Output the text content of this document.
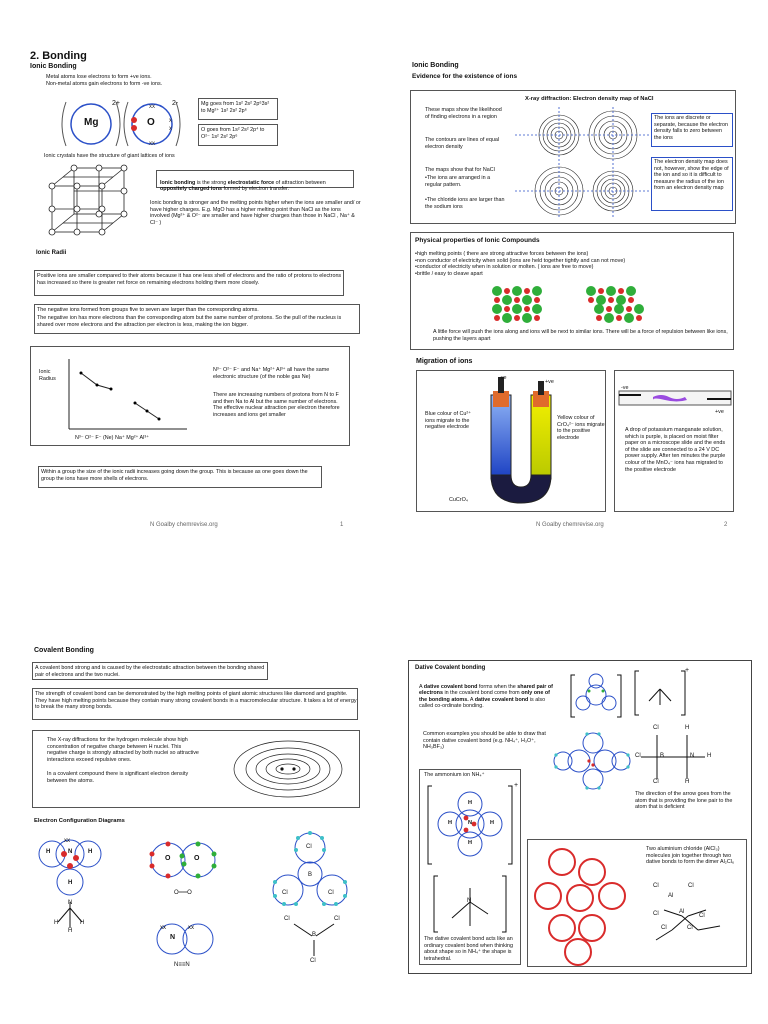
2. Bonding
Ionic Bonding
Metal atoms lose electrons to form +ve ions.
Non-metal atoms gain electrons to form -ve ions.
xx
x
x
xx
Mg	O
2+	2-	Mg goes from 1s² 2s² 2p⁶3s²
to Mg²⁺ 1s² 2s² 2p⁶
O goes from 1s² 2s² 2p⁴ to
O²⁻ 1s² 2s² 2p⁶
Ionic crystals have the structure of giant lattices of ions

Ionic bonding is the strong electrostatic force of attraction between oppositely charged ions formed by electron transfer.

Ionic bonding is stronger and the melting points higher when the ions are smaller and/ or have higher charges. E.g. MgO has a higher melting point than NaCl as the ions involved (Mg²⁺ & O²⁻ are smaller and have higher charges than those in NaCl , Na⁺ & Cl⁻ )
Ionic Radii
Positive ions are smaller compared to their atoms because it has one less shell of electrons and the ratio of protons to electrons has increased so there is greater net force on remaining electrons holding them more closely.
The negative ions formed from groups five to seven are larger than the corresponding atoms.
The negative ion has more electrons than the corresponding atom but the same number of protons. So the pull of the nucleus is shared over more electrons and the attraction per electron is less, making the ion bigger.
Ionic
Radius
N³⁻ O²⁻ F⁻ (Ne) Na⁺ Mg²⁺ Al³⁺
N³⁻ O²⁻ F⁻ and Na⁺ Mg²⁺ Al³⁺ all have the same electronic structure (of the noble gas Ne)
There are increasing numbers of protons from N to F and then Na to Al but the same number of electrons. The effective nuclear attraction per electron therefore increases and ions get smaller
Within a group the size of the ionic radii increases going down the group. This is because as one goes down the group the ions have more shells of electrons.
N Goalby chemrevise.org	1
Ionic Bonding
Evidence for the existence of ions
X-ray diffraction: Electron density map of NaCl
These maps show the likelihood of finding electrons in a region
The contours are lines of equal electron density
The maps show that for NaCl
•The ions are arranged in a regular pattern.
•The chloride ions are larger than the sodium ions
The ions are discrete or separate, because the electron density falls to zero between the ions
The electron density map does not, however, show the edge of the ion and so it is difficult to measure the radius of the ion from an electron density map
Physical properties of Ionic Compounds
•high melting points ( there are strong attractive forces between the ions)
•non conductor of electricity when solid (ions are held together tightly and can not move)
•conductor of electricity when in solution or molten. ( ions are free to move)
•brittle / easy to cleave apart
A little force will push the ions along and ions will be next to similar ions. There will be a force of repulsion between like ions, pushing the layers apart
Migration of ions
-ve
+ve
Blue colour of Cu²⁺ ions migrate to the negative electrode
Yellow colour of CrO₄²⁻ ions migrate to the positive electrode
CuCrO₄
-ve
+ve
A drop of potassium manganate solution, which is purple, is placed on moist filter paper on a microscope slide and the ends of the slide are connected to a 24 V DC power supply. After ten minutes the purple colour of the MnO₄⁻ ions has migrated to the positive electrode
N Goalby chemrevise.org	2
Covalent Bonding
A covalent bond strong and is caused by the electrostatic attraction between the bonding shared pair of electrons and the two nuclei.
The strength of covalent bond can be demonstrated by the high melting points of giant atomic structures like diamond and graphite. They have high melting points because they contain many strong covalent bonds in a macromolecular structure. It takes a lot of energy to break the many strong bonds.
The X-ray diffractions for the hydrogen molecule show high concentration of negative charge between H nuclei. This negative charge is strongly attracted by both nuclei so attractive interactions exceed repulsive ones.
In a covalent compound there is significant electron density between the atoms.
Electron Configuration Diagrams
xx
H	N	H
H
N
H	H
H
O	O
O══O
xx	xx
N
N≡≡N
Cl
B
Cl	Cl
Cl
B
Cl
Cl
Dative Covalent bonding

A dative covalent bond forms when the shared pair of electrons in the covalent bond come from only one of the bonding atoms. A dative covalent bond is also called co-ordinate bonding.

+
Common examples you should be able to draw that contain dative covalent bond (e.g. NH₄⁺, H₃O⁺, NH₃BF₃)
Cl
Cl
Cl
B	N
H
H
H
The ammonium ion NH₄⁺
+
H
N
H	H
H
N
The dative covalent bond acts like an ordinary covalent bond when thinking about shape so in NH₄⁺ the shape is tetrahedral.
The direction of the arrow goes from the atom that is providing the lone pair to the atom that is deficient
Two aluminium chloride (AlCl₃) molecules join together through two dative bonds to form the dimer Al₂Cl₆
Cl
Al
Cl
Cl	Al
Cl
Cl	Cl
